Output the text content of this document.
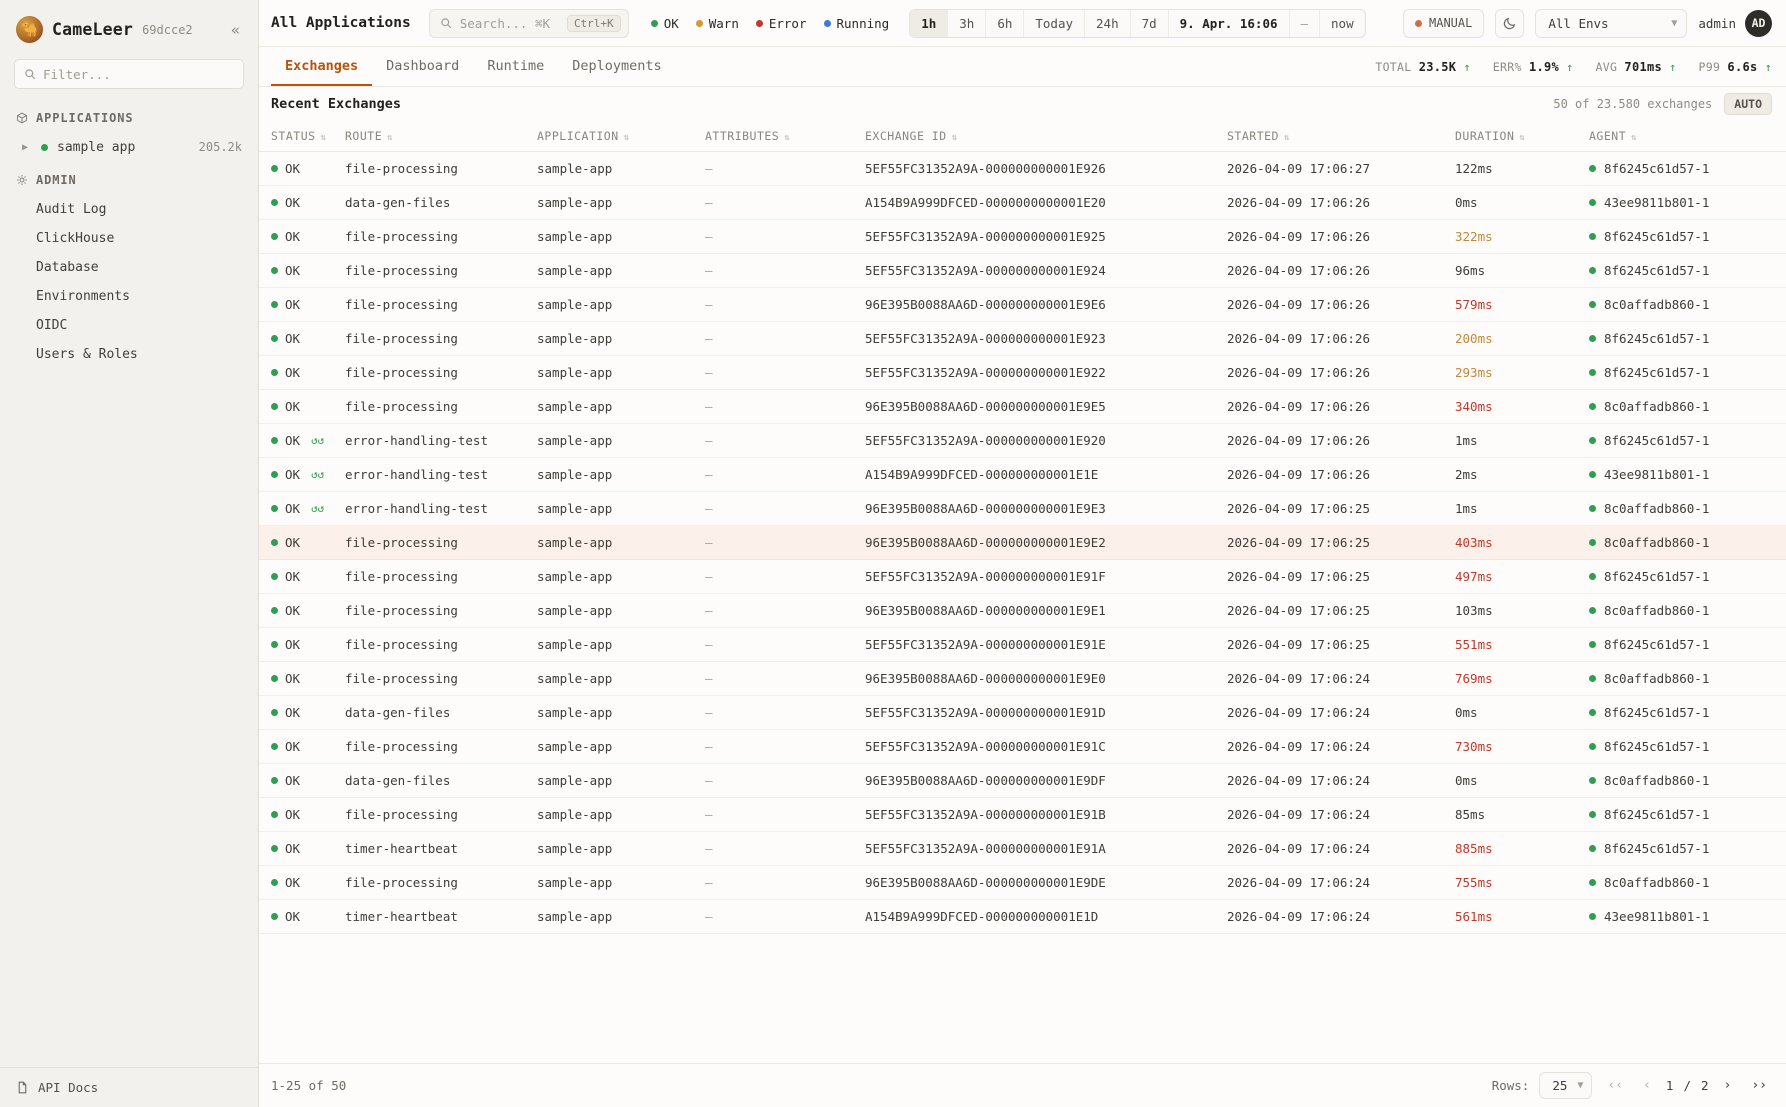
🐪 CameLeer 69dcce2	«
Filter...
APPLICATIONS
▶	sample app	205.2k
ADMIN
Audit Log
ClickHouse
Database
Environments
OIDC
Users & Roles
API Docs
All Applications	Search... ⌘K	Ctrl+K	OK Warn Error Running	1h	3h	6h	Today	24h	7d	9. Apr. 16:06	—	now	MANUAL	All Envs	▼ admin	AD
Exchanges	Dashboard	Runtime	Deployments	TOTAL 23.5K ↑ ERR% 1.9% ↑ AVG 701ms ↑ P99 6.6s ↑
Recent Exchanges	50 of 23.580 exchanges	AUTO
STATUS ⇅	ROUTE ⇅	APPLICATION ⇅	ATTRIBUTES ⇅	EXCHANGE ID ⇅	STARTED ⇅	DURATION ⇅	AGENT ⇅

OK	file-processing	sample-app	—	5EF55FC31352A9A-000000000001E926	2026-04-09 17:06:27	122ms	8f6245c61d57-1

OK	data-gen-files	sample-app	—	A154B9A999DFCED-0000000000001E20	2026-04-09 17:06:26	0ms	43ee9811b801-1

OK	file-processing	sample-app	—	5EF55FC31352A9A-000000000001E925	2026-04-09 17:06:26	322ms	8f6245c61d57-1

OK	file-processing	sample-app	—	5EF55FC31352A9A-000000000001E924	2026-04-09 17:06:26	96ms	8f6245c61d57-1

OK	file-processing	sample-app	—	96E395B0088AA6D-000000000001E9E6	2026-04-09 17:06:26	579ms	8c0affadb860-1

OK	file-processing	sample-app	—	5EF55FC31352A9A-000000000001E923	2026-04-09 17:06:26	200ms	8f6245c61d57-1

OK	file-processing	sample-app	—	5EF55FC31352A9A-000000000001E922	2026-04-09 17:06:26	293ms	8f6245c61d57-1

OK	file-processing	sample-app	—	96E395B0088AA6D-000000000001E9E5	2026-04-09 17:06:26	340ms	8c0affadb860-1

OK ↺↺	error-handling-test	sample-app	—	5EF55FC31352A9A-000000000001E920	2026-04-09 17:06:26	1ms	8f6245c61d57-1

OK ↺↺	error-handling-test	sample-app	—	A154B9A999DFCED-000000000001E1E	2026-04-09 17:06:26	2ms	43ee9811b801-1

OK ↺↺	error-handling-test	sample-app	—	96E395B0088AA6D-000000000001E9E3	2026-04-09 17:06:25	1ms	8c0affadb860-1

OK	file-processing	sample-app	—	96E395B0088AA6D-000000000001E9E2	2026-04-09 17:06:25	403ms	8c0affadb860-1

OK	file-processing	sample-app	—	5EF55FC31352A9A-000000000001E91F	2026-04-09 17:06:25	497ms	8f6245c61d57-1

OK	file-processing	sample-app	—	96E395B0088AA6D-000000000001E9E1	2026-04-09 17:06:25	103ms	8c0affadb860-1

OK	file-processing	sample-app	—	5EF55FC31352A9A-000000000001E91E	2026-04-09 17:06:25	551ms	8f6245c61d57-1

OK	file-processing	sample-app	—	96E395B0088AA6D-000000000001E9E0	2026-04-09 17:06:24	769ms	8c0affadb860-1

OK	data-gen-files	sample-app	—	5EF55FC31352A9A-000000000001E91D	2026-04-09 17:06:24	0ms	8f6245c61d57-1

OK	file-processing	sample-app	—	5EF55FC31352A9A-000000000001E91C	2026-04-09 17:06:24	730ms	8f6245c61d57-1

OK	data-gen-files	sample-app	—	96E395B0088AA6D-000000000001E9DF	2026-04-09 17:06:24	0ms	8c0affadb860-1

OK	file-processing	sample-app	—	5EF55FC31352A9A-000000000001E91B	2026-04-09 17:06:24	85ms	8f6245c61d57-1

OK	timer-heartbeat	sample-app	—	5EF55FC31352A9A-000000000001E91A	2026-04-09 17:06:24	885ms	8f6245c61d57-1

OK	file-processing	sample-app	—	96E395B0088AA6D-000000000001E9DE	2026-04-09 17:06:24	755ms	8c0affadb860-1

OK	timer-heartbeat	sample-app	—	A154B9A999DFCED-000000000001E1D	2026-04-09 17:06:24	561ms	43ee9811b801-1
1-25 of 50	Rows: 25 ▼	‹‹	‹	1 / 2	›	››
